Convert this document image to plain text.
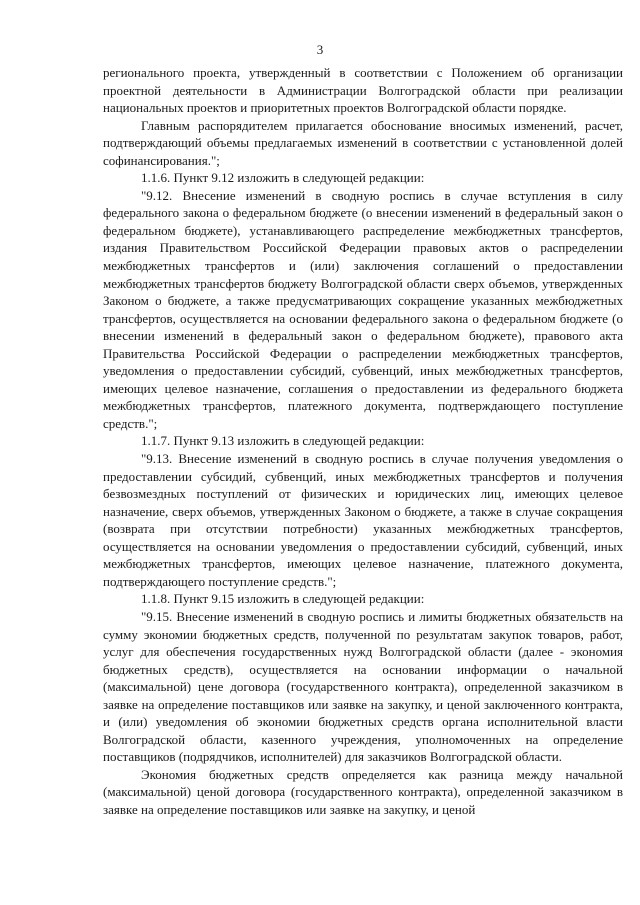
3

регионального проекта, утвержденный в соответствии с Положением об организации проектной деятельности в Администрации Волгоградской области при реализации национальных проектов и приоритетных проектов Волгоградской области порядке.

Главным распорядителем прилагается обоснование вносимых изменений, расчет, подтверждающий объемы предлагаемых изменений в соответствии с установленной долей софинансирования.";

1.1.6. Пункт 9.12 изложить в следующей редакции:

"9.12. Внесение изменений в сводную роспись в случае вступления в силу федерального закона о федеральном бюджете (о внесении изменений в федеральный закон о федеральном бюджете), устанавливающего распределение межбюджетных трансфертов, издания Правительством Российской Федерации правовых актов о распределении межбюджетных трансфертов и (или) заключения соглашений о предоставлении межбюджетных трансфертов бюджету Волгоградской области сверх объемов, утвержденных Законом о бюджете, а также предусматривающих сокращение указанных межбюджетных трансфертов, осуществляется на основании федерального закона о федеральном бюджете (о внесении изменений в федеральный закон о федеральном бюджете), правового акта Правительства Российской Федерации о распределении межбюджетных трансфертов, уведомления о предоставлении субсидий, субвенций, иных межбюджетных трансфертов, имеющих целевое назначение, соглашения о предоставлении из федерального бюджета межбюджетных трансфертов, платежного документа, подтверждающего поступление средств.";

1.1.7. Пункт 9.13 изложить в следующей редакции:

"9.13. Внесение изменений в сводную роспись в случае получения уведомления о предоставлении субсидий, субвенций, иных межбюджетных трансфертов и получения безвозмездных поступлений от физических и юридических лиц, имеющих целевое назначение, сверх объемов, утвержденных Законом о бюджете, а также в случае сокращения (возврата при отсутствии потребности) указанных межбюджетных трансфертов, осуществляется на основании уведомления о предоставлении субсидий, субвенций, иных межбюджетных трансфертов, имеющих целевое назначение, платежного документа, подтверждающего поступление средств.";

1.1.8. Пункт 9.15 изложить в следующей редакции:

"9.15. Внесение изменений в сводную роспись и лимиты бюджетных обязательств на сумму экономии бюджетных средств, полученной по результатам закупок товаров, работ, услуг для обеспечения государственных нужд Волгоградской области (далее - экономия бюджетных средств), осуществляется на основании информации о начальной (максимальной) цене договора (государственного контракта), определенной заказчиком в заявке на определение поставщиков или заявке на закупку, и ценой заключенного контракта, и (или) уведомления об экономии бюджетных средств органа исполнительной власти Волгоградской области, казенного учреждения, уполномоченных на определение поставщиков (подрядчиков, исполнителей) для заказчиков Волгоградской области.

Экономия бюджетных средств определяется как разница между начальной (максимальной) ценой договора (государственного контракта), определенной заказчиком в заявке на определение поставщиков или заявке на закупку, и ценой
